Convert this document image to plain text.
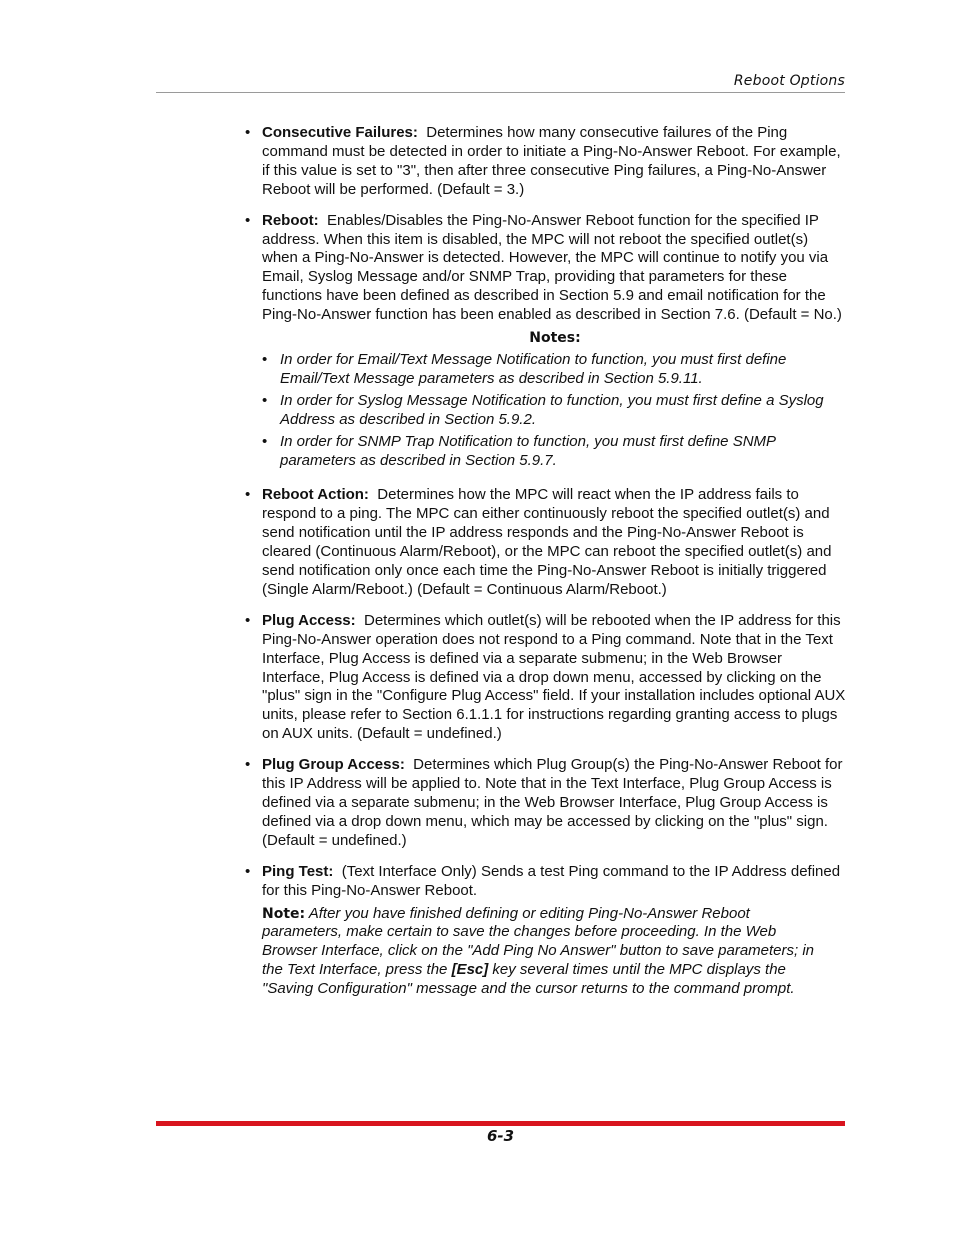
Reboot Options
• Consecutive Failures: Determines how many consecutive failures of the Ping command must be detected in order to initiate a Ping-No-Answer Reboot. For example, if this value is set to "3", then after three consecutive Ping failures, a Ping-No-Answer Reboot will be performed. (Default = 3.)
• Reboot: Enables/Disables the Ping-No-Answer Reboot function for the specified IP address. When this item is disabled, the MPC will not reboot the specified outlet(s) when a Ping-No-Answer is detected. However, the MPC will continue to notify you via Email, Syslog Message and/or SNMP Trap, providing that parameters for these functions have been defined as described in Section 5.9 and email notification for the Ping-No-Answer function has been enabled as described in Section 7.6. (Default = No.)
Notes:
• In order for Email/Text Message Notification to function, you must first define Email/Text Message parameters as described in Section 5.9.11.
• In order for Syslog Message Notification to function, you must first define a Syslog Address as described in Section 5.9.2.
• In order for SNMP Trap Notification to function, you must first define SNMP parameters as described in Section 5.9.7.
• Reboot Action: Determines how the MPC will react when the IP address fails to respond to a ping. The MPC can either continuously reboot the specified outlet(s) and send notification until the IP address responds and the Ping-No-Answer Reboot is cleared (Continuous Alarm/Reboot), or the MPC can reboot the specified outlet(s) and send notification only once each time the Ping-No-Answer Reboot is initially triggered (Single Alarm/Reboot.) (Default = Continuous Alarm/Reboot.)
• Plug Access: Determines which outlet(s) will be rebooted when the IP address for this Ping-No-Answer operation does not respond to a Ping command. Note that in the Text Interface, Plug Access is defined via a separate submenu; in the Web Browser Interface, Plug Access is defined via a drop down menu, accessed by clicking on the "plus" sign in the "Configure Plug Access" field. If your installation includes optional AUX units, please refer to Section 6.1.1.1 for instructions regarding granting access to plugs on AUX units. (Default = undefined.)
• Plug Group Access: Determines which Plug Group(s) the Ping-No-Answer Reboot for this IP Address will be applied to. Note that in the Text Interface, Plug Group Access is defined via a separate submenu; in the Web Browser Interface, Plug Group Access is defined via a drop down menu, which may be accessed by clicking on the "plus" sign. (Default = undefined.)
• Ping Test: (Text Interface Only) Sends a test Ping command to the IP Address defined for this Ping-No-Answer Reboot.
Note: After you have finished defining or editing Ping-No-Answer Reboot parameters, make certain to save the changes before proceeding. In the Web Browser Interface, click on the "Add Ping No Answer" button to save parameters; in the Text Interface, press the [Esc] key several times until the MPC displays the "Saving Configuration" message and the cursor returns to the command prompt.
6-3
